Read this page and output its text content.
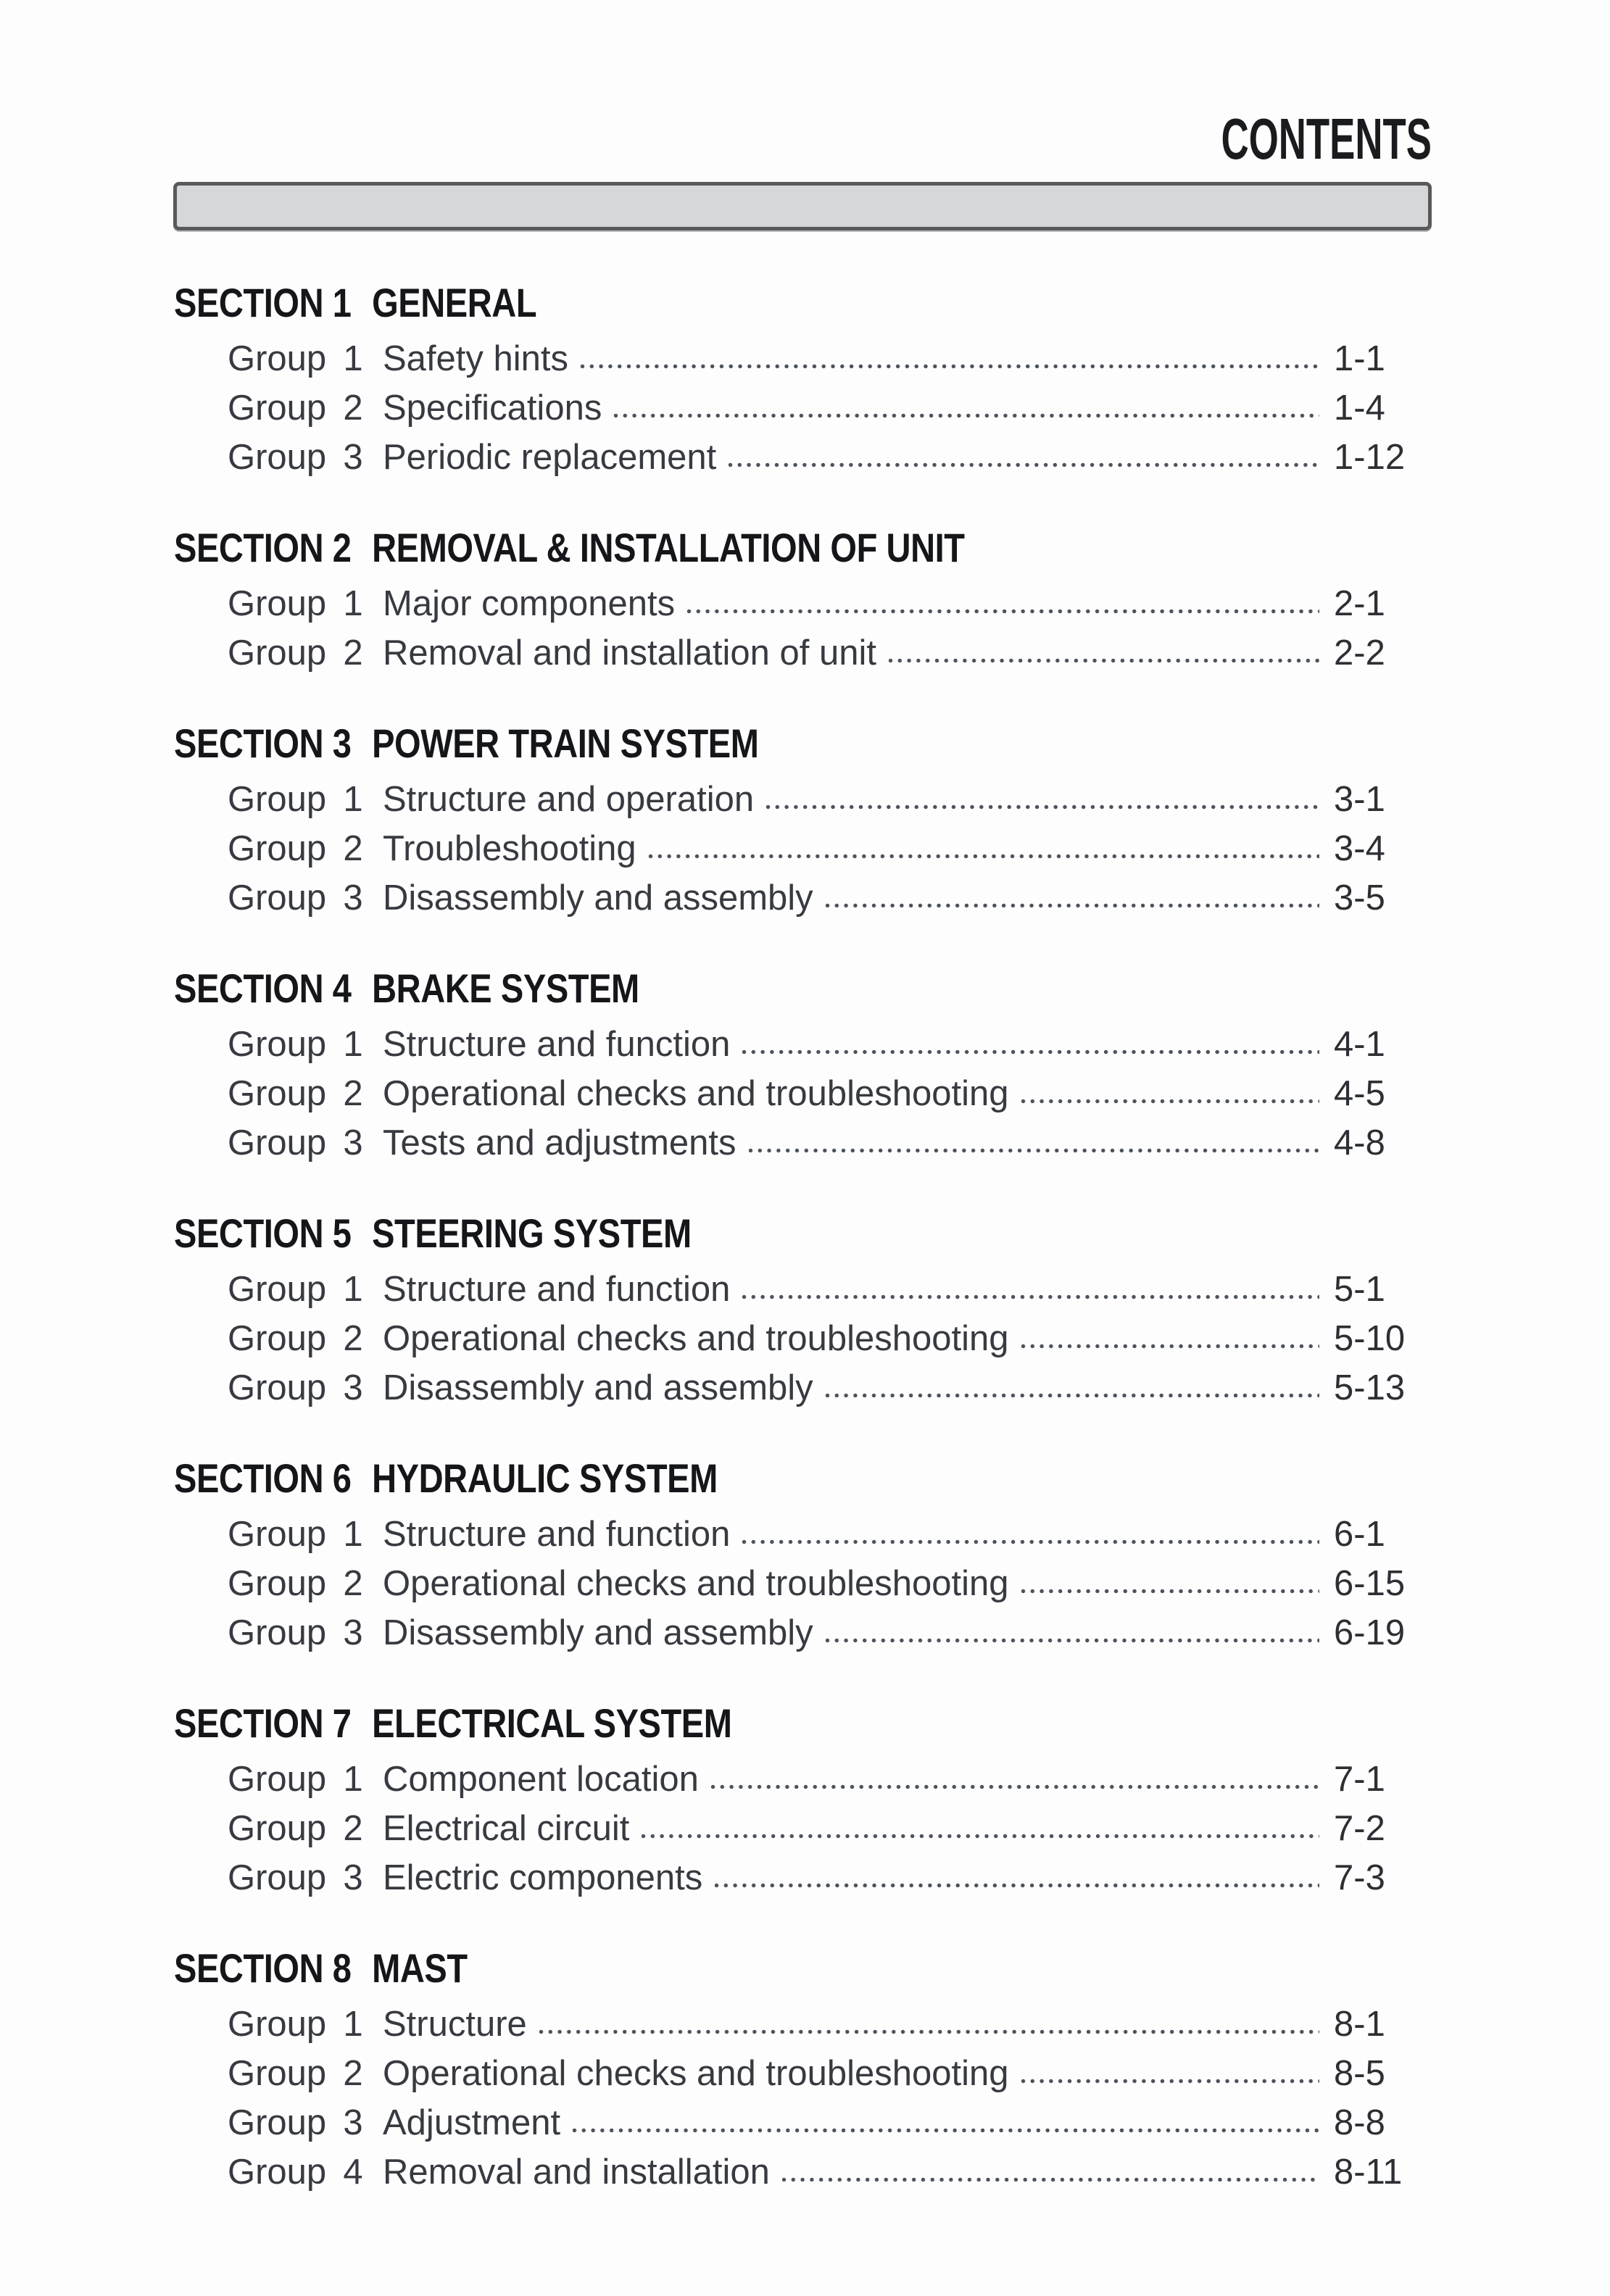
CONTENTS
SECTION 1 GENERAL
Group 1 Safety hints	1-1
Group 2 Specifications	1-4
Group 3 Periodic replacement	1-12
SECTION 2 REMOVAL & INSTALLATION OF UNIT
Group 1 Major components	2-1
Group 2 Removal and installation of unit	2-2
SECTION 3 POWER TRAIN SYSTEM
Group 1 Structure and operation	3-1
Group 2 Troubleshooting	3-4
Group 3 Disassembly and assembly	3-5
SECTION 4 BRAKE SYSTEM
Group 1 Structure and function	4-1
Group 2 Operational checks and troubleshooting	4-5
Group 3 Tests and adjustments	4-8
SECTION 5 STEERING SYSTEM
Group 1 Structure and function	5-1
Group 2 Operational checks and troubleshooting	5-10
Group 3 Disassembly and assembly	5-13
SECTION 6 HYDRAULIC SYSTEM
Group 1 Structure and function	6-1
Group 2 Operational checks and troubleshooting	6-15
Group 3 Disassembly and assembly	6-19
SECTION 7 ELECTRICAL SYSTEM
Group 1 Component location	7-1
Group 2 Electrical circuit	7-2
Group 3 Electric components	7-3
SECTION 8 MAST
Group 1 Structure	8-1
Group 2 Operational checks and troubleshooting	8-5
Group 3 Adjustment	8-8
Group 4 Removal and installation	8-11
